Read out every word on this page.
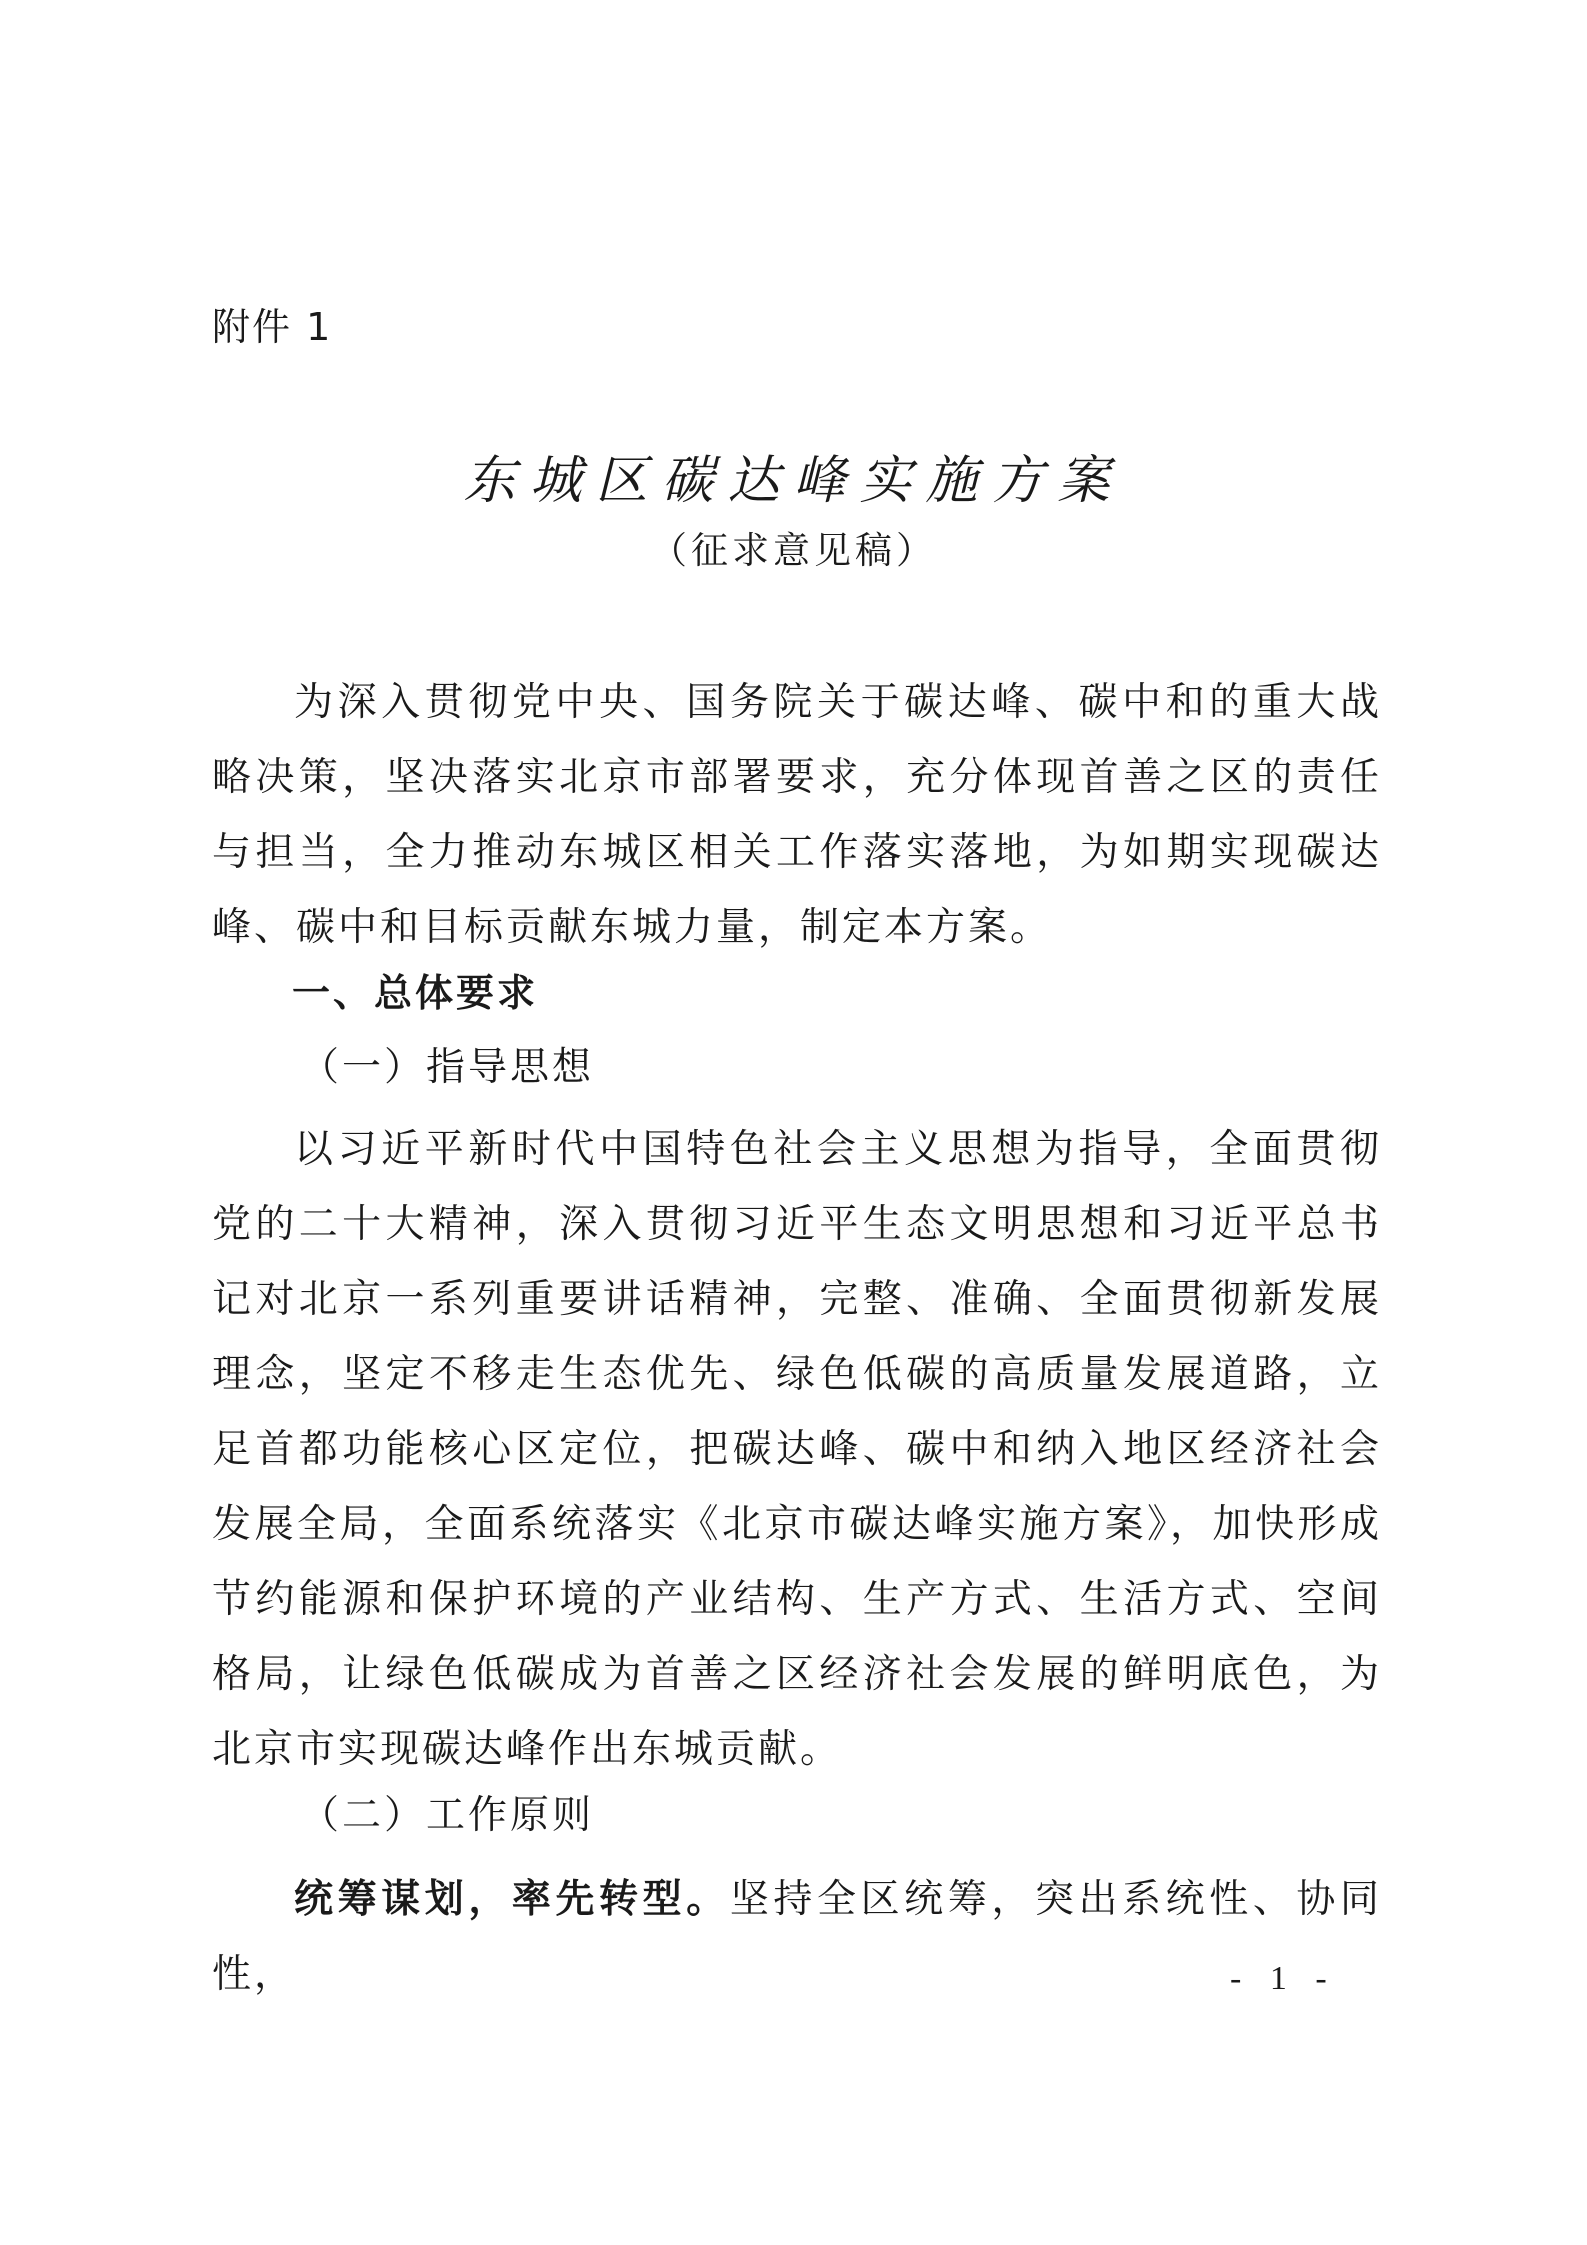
附件 1
东城区碳达峰实施方案
（征求意见稿）
为深入贯彻党中央、国务院关于碳达峰、碳中和的重大战略决策，坚决落实北京市部署要求，充分体现首善之区的责任与担当，全力推动东城区相关工作落实落地，为如期实现碳达峰、碳中和目标贡献东城力量，制定本方案。
一、总体要求
（一）指导思想
以习近平新时代中国特色社会主义思想为指导，全面贯彻党的二十大精神，深入贯彻习近平生态文明思想和习近平总书记对北京一系列重要讲话精神，完整、准确、全面贯彻新发展理念，坚定不移走生态优先、绿色低碳的高质量发展道路，立足首都功能核心区定位，把碳达峰、碳中和纳入地区经济社会发展全局，全面系统落实《北京市碳达峰实施方案》，加快形成节约能源和保护环境的产业结构、生产方式、生活方式、空间格局，让绿色低碳成为首善之区经济社会发展的鲜明底色，为北京市实现碳达峰作出东城贡献。
（二）工作原则
统筹谋划，率先转型。坚持全区统筹，突出系统性、协同性，	- 1 -
